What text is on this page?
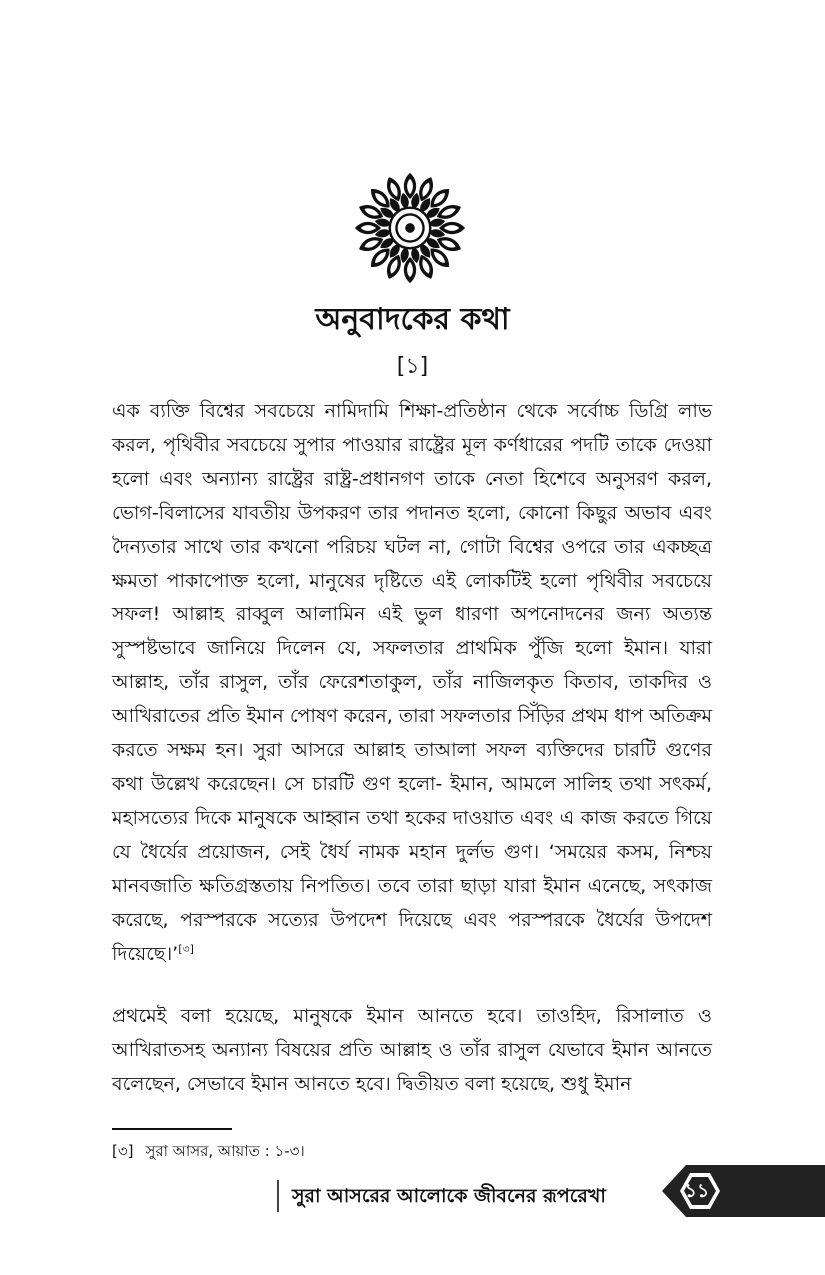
অনুবাদকের কথা
[১]

এক ব্যক্তি বিশ্বের সবচেয়ে নামিদামি শিক্ষা-প্রতিষ্ঠান থেকে সর্বোচ্চ ডিগ্রি লাভ করল, পৃথিবীর সবচেয়ে সুপার পাওয়ার রাষ্ট্রের মূল কর্ণধারের পদটি তাকে দেওয়া হলো এবং অন্যান্য রাষ্ট্রের রাষ্ট্র-প্রধানগণ তাকে নেতা হিশেবে অনুসরণ করল, ভোগ-বিলাসের যাবতীয় উপকরণ তার পদানত হলো, কোনো কিছুর অভাব এবং দৈন্যতার সাথে তার কখনো পরিচয় ঘটল না, গোটা বিশ্বের ওপরে তার একচ্ছত্র ক্ষমতা পাকাপোক্ত হলো, মানুষের দৃষ্টিতে এই লোকটিই হলো পৃথিবীর সবচেয়ে সফল! আল্লাহ রাব্বুল আলামিন এই ভুল ধারণা অপনোদনের জন্য অত্যন্ত সুস্পষ্টভাবে জানিয়ে দিলেন যে, সফলতার প্রাথমিক পুঁজি হলো ইমান। যারা আল্লাহ, তাঁর রাসুল, তাঁর ফেরেশতাকুল, তাঁর নাজিলকৃত কিতাব, তাকদির ও আখিরাতের প্রতি ইমান পোষণ করেন, তারা সফলতার সিঁড়ির প্রথম ধাপ অতিক্রম করতে সক্ষম হন। সুরা আসরে আল্লাহ তাআলা সফল ব্যক্তিদের চারটি গুণের কথা উল্লেখ করেছেন। সে চারটি গুণ হলো- ইমান, আমলে সালিহ তথা সৎকর্ম, মহাসত্যের দিকে মানুষকে আহ্বান তথা হকের দাওয়াত এবং এ কাজ করতে গিয়ে যে ধৈর্যের প্রয়োজন, সেই ধৈর্য নামক মহান দুর্লভ গুণ। ‘সময়ের কসম, নিশ্চয় মানবজাতি ক্ষতিগ্রস্ততায় নিপতিত। তবে তারা ছাড়া যারা ইমান এনেছে, সৎকাজ করেছে, পরস্পরকে সত্যের উপদেশ দিয়েছে এবং পরস্পরকে ধৈর্যের উপদেশ দিয়েছে।’[৩]

প্রথমেই বলা হয়েছে, মানুষকে ইমান আনতে হবে। তাওহিদ, রিসালাত ও আখিরাতসহ অন্যান্য বিষয়ের প্রতি আল্লাহ ও তাঁর রাসুল যেভাবে ইমান আনতে বলেছেন, সেভাবে ইমান আনতে হবে। দ্বিতীয়ত বলা হয়েছে, শুধু ইমান

[৩] সুরা আসর, আয়াত : ১-৩।
সুরা আসরের আলোকে জীবনের রূপরেখা	১১
